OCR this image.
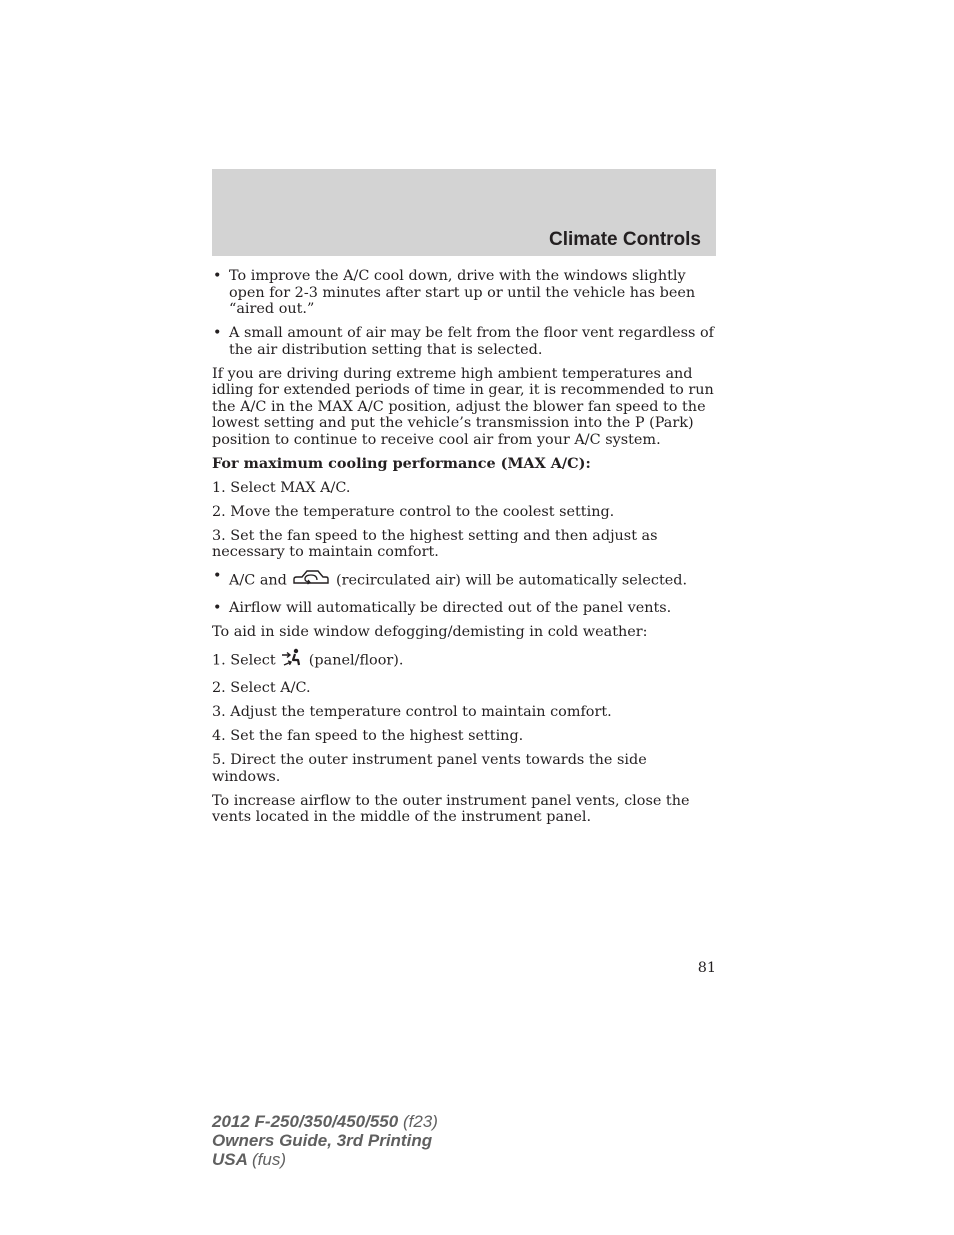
Climate Controls
• To improve the A/C cool down, drive with the windows slightly open for 2-3 minutes after start up or until the vehicle has been “aired out.”
• A small amount of air may be felt from the floor vent regardless of the air distribution setting that is selected.

If you are driving during extreme high ambient temperatures and idling for extended periods of time in gear, it is recommended to run the A/C in the MAX A/C position, adjust the blower fan speed to the lowest setting and put the vehicle’s transmission into the P (Park) position to continue to receive cool air from your A/C system.

For maximum cooling performance (MAX A/C):

1. Select MAX A/C.

2. Move the temperature control to the coolest setting.

3. Set the fan speed to the highest setting and then adjust as necessary to maintain comfort.

• A/C and	(recirculated air) will be automatically selected.
• Airflow will automatically be directed out of the panel vents.

To aid in side window defogging/demisting in cold weather:

1. Select (panel/floor).

2. Select A/C.

3. Adjust the temperature control to maintain comfort.

4. Set the fan speed to the highest setting.

5. Direct the outer instrument panel vents towards the side windows.

To increase airflow to the outer instrument panel vents, close the vents located in the middle of the instrument panel.

81
2012 F-250/350/450/550 (f23)
Owners Guide, 3rd Printing
USA (fus)
